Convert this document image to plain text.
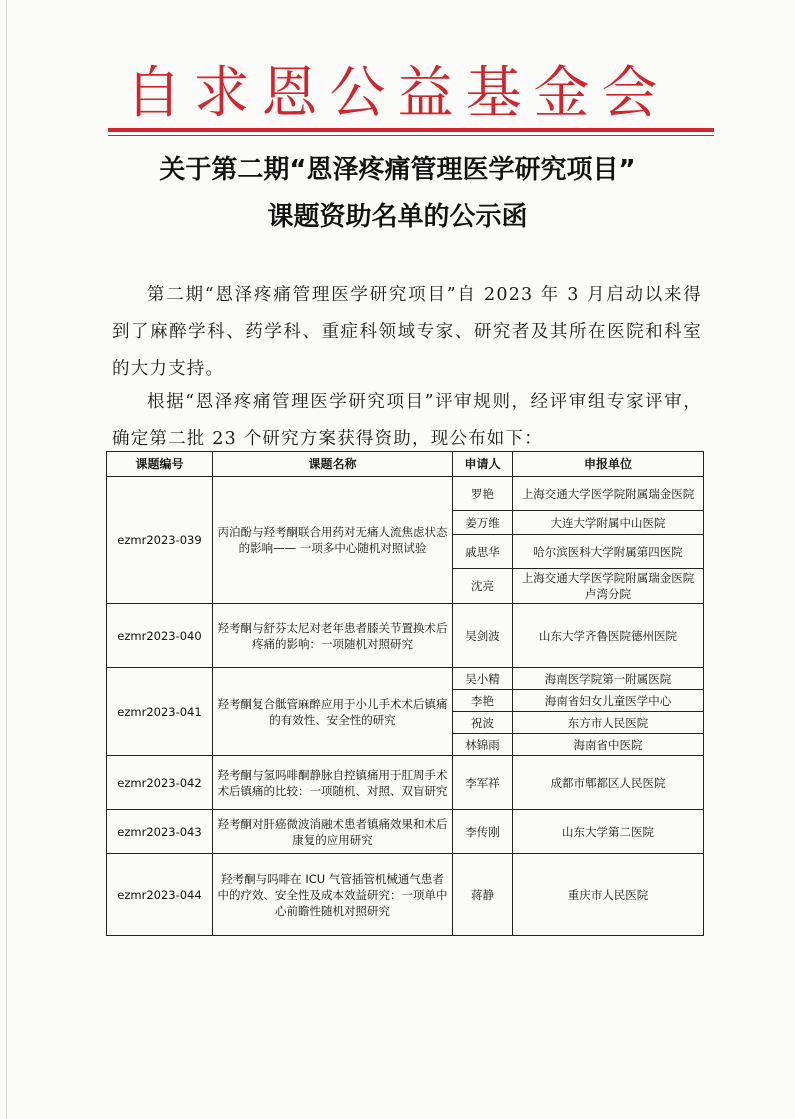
自求恩公益基金会
关于第二期“恩泽疼痛管理医学研究项目”
课题资助名单的公示函
第二期“恩泽疼痛管理医学研究项目”自 2023 年 3 月启动以来得到了麻醉学科、药学科、重症科领域专家、研究者及其所在医院和科室的大力支持。
根据“恩泽疼痛管理医学研究项目”评审规则，经评审组专家评审，确定第二批 23 个研究方案获得资助，现公布如下：
课题编号	课题名称	申请人	申报单位
ezmr2023-039	丙泊酚与羟考酮联合用药对无痛人流焦虑状态的影响—— 一项多中心随机对照试验	罗艳	上海交通大学医学院附属瑞金医院
		姜万维	大连大学附属中山医院
		戚思华	哈尔滨医科大学附属第四医院
		沈亮	上海交通大学医学院附属瑞金医院卢湾分院
ezmr2023-040	羟考酮与舒芬太尼对老年患者膝关节置换术后疼痛的影响：一项随机对照研究	吴剑波	山东大学齐鲁医院德州医院
ezmr2023-041	羟考酮复合骶管麻醉应用于小儿手术术后镇痛的有效性、安全性的研究	吴小精	海南医学院第一附属医院
		李艳	海南省妇女儿童医学中心
		祝波	东方市人民医院
		林锦雨	海南省中医院
ezmr2023-042	羟考酮与氢吗啡酮静脉自控镇痛用于肛周手术术后镇痛的比较：一项随机、对照、双盲研究	李军祥	成都市郫都区人民医院
ezmr2023-043	羟考酮对肝癌微波消融术患者镇痛效果和术后康复的应用研究	李传刚	山东大学第二医院
ezmr2023-044	羟考酮与吗啡在 ICU 气管插管机械通气患者中的疗效、安全性及成本效益研究：一项单中心前瞻性随机对照研究	蒋静	重庆市人民医院
